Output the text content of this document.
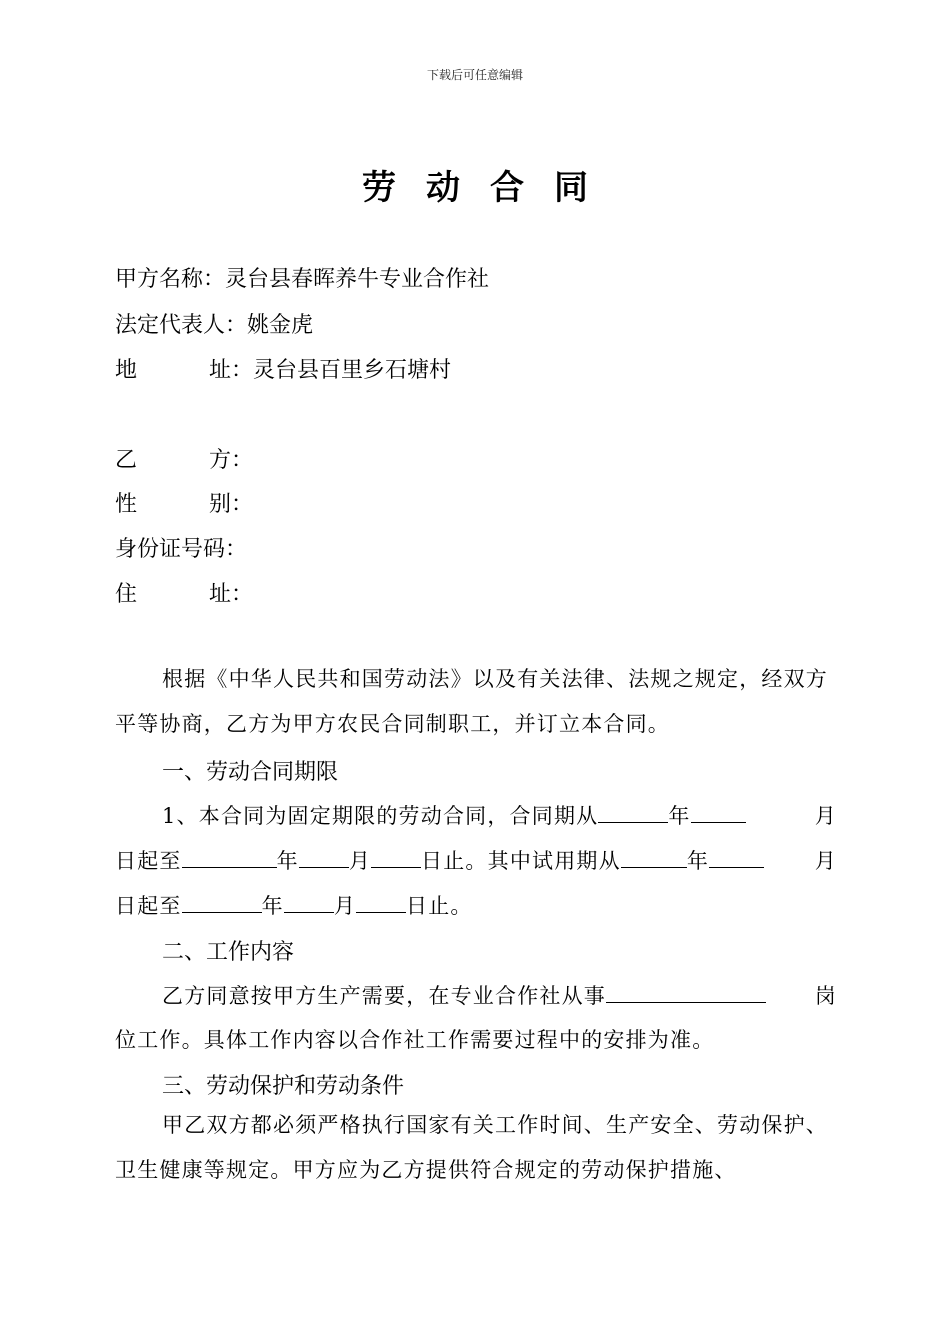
下载后可任意编辑
劳动合同
甲方名称：灵台县春晖养牛专业合作社
法定代表人：姚金虎
地	址：灵台县百里乡石塘村
乙	方：
性	别：
身份证号码：
住	址：
根据《中华人民共和国劳动法》以及有关法律、法规之规定，经双方平等协商，乙方为甲方农民合同制职工，并订立本合同。
一、劳动合同期限
1、本合同为固定期限的劳动合同，合同期从	年	月
日起至	年 月 日止。其中试用期从	年	月
日起至	年 月 日止。
二、工作内容
乙方同意按甲方生产需要，在专业合作社从事	岗
位工作。具体工作内容以合作社工作需要过程中的安排为准。
三、劳动保护和劳动条件
甲乙双方都必须严格执行国家有关工作时间、生产安全、劳动保护、卫生健康等规定。甲方应为乙方提供符合规定的劳动保护措施、
